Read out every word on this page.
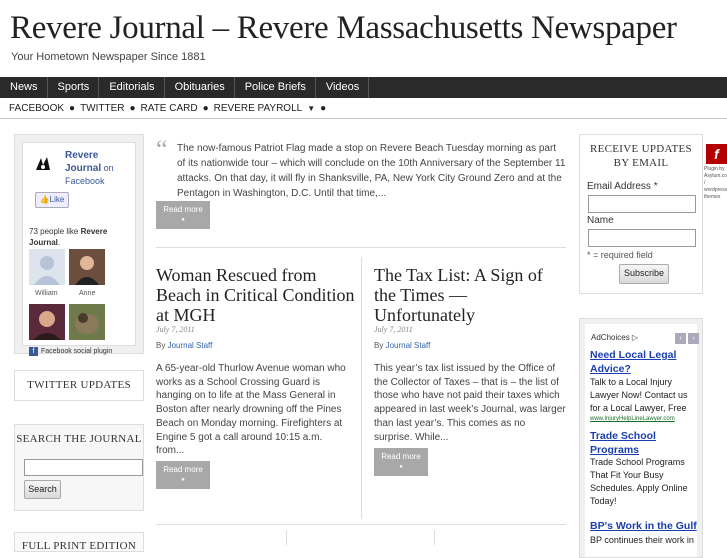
Revere Journal – Revere Massachusetts Newspaper
Your Hometown Newspaper Since 1881
News	Sports	Editorials	Obituaries	Police Briefs	Videos
FACEBOOK ● TWITTER ● RATE CARD ● REVERE PAYROLL ▼ ●
Revere Journal on Facebook
👍Like
73 people like Revere Journal.
William	Anne
f Facebook social plugin
TWITTER UPDATES
SEARCH THE JOURNAL
Search
FULL PRINT EDITION
“ The now-famous Patriot Flag made a stop on Revere Beach Tuesday morning as part of its nationwide tour – which will conclude on the 10th Anniversary of the September 11 attacks. On that day, it will fly in Shanksville, PA, New York City Ground Zero and at the Pentagon in Washington, D.C. Until that time,...
Read more
●
Woman Rescued from Beach in Critical Condition at MGH
July 7, 2011
By Journal Staff
A 65-year-old Thurlow Avenue woman who works as a School Crossing Guard is hanging on to life at the Mass General in Boston after nearly drowning off the Pines Beach on Monday morning. Firefighters at Engine 5 got a call around 10:15 a.m. from...
Read more
●
The Tax List: A Sign of the Times — Unfortunately
July 7, 2011
By Journal Staff
This year’s tax list issued by the Office of the Collector of Taxes – that is – the list of those who have not paid their taxes which appeared in last week’s Journal, was larger than last year’s. This comes as no surprise. While...
Read more
●
RECEIVE UPDATES BY EMAIL
Email Address *
Name
* = required field
Subscribe
f
Plugin by Asylum.co / wordpress themes
AdChoices ▷	‹	›
Need Local Legal Advice?
Talk to a Local Injury Lawyer Now! Contact us for a Local Lawyer, Free
www.InjuryHelpLineLawyer.com
Trade School Programs
Trade School Programs That Fit Your Busy Schedules. Apply Online Today!
BP's Work in the Gulf
BP continues their work in
